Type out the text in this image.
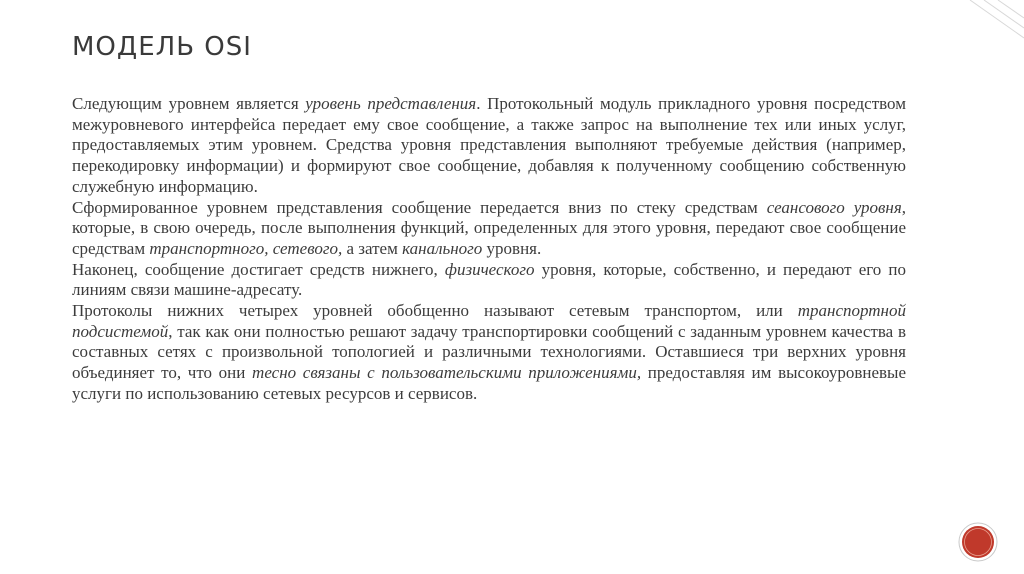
МОДЕЛЬ OSI

Следующим уровнем является уровень представления. Протокольный модуль прикладного уровня посредством межуровневого интерфейса передает ему свое сообщение, а также запрос на выполнение тех или иных услуг, предоставляемых этим уровнем. Средства уровня представления выполняют требуемые действия (например, перекодировку информации) и формируют свое сообщение, добавляя к полученному сообщению собственную служебную информацию.

Сформированное уровнем представления сообщение передается вниз по стеку средствам сеансового уровня, которые, в свою очередь, после выполнения функций, определенных для этого уровня, передают свое сообщение средствам транспортного, сетевого, а затем канального уровня.

Наконец, сообщение достигает средств нижнего, физического уровня, которые, собственно, и передают его по линиям связи машине-адресату.

Протоколы нижних четырех уровней обобщенно называют сетевым транспортом, или транспортной подсистемой, так как они полностью решают задачу транспортировки сообщений с заданным уровнем качества в составных сетях с произвольной топологией и различными технологиями. Оставшиеся три верхних уровня объединяет то, что они тесно связаны с пользовательскими приложениями, предоставляя им высокоуровневые услуги по использованию сетевых ресурсов и сервисов.
